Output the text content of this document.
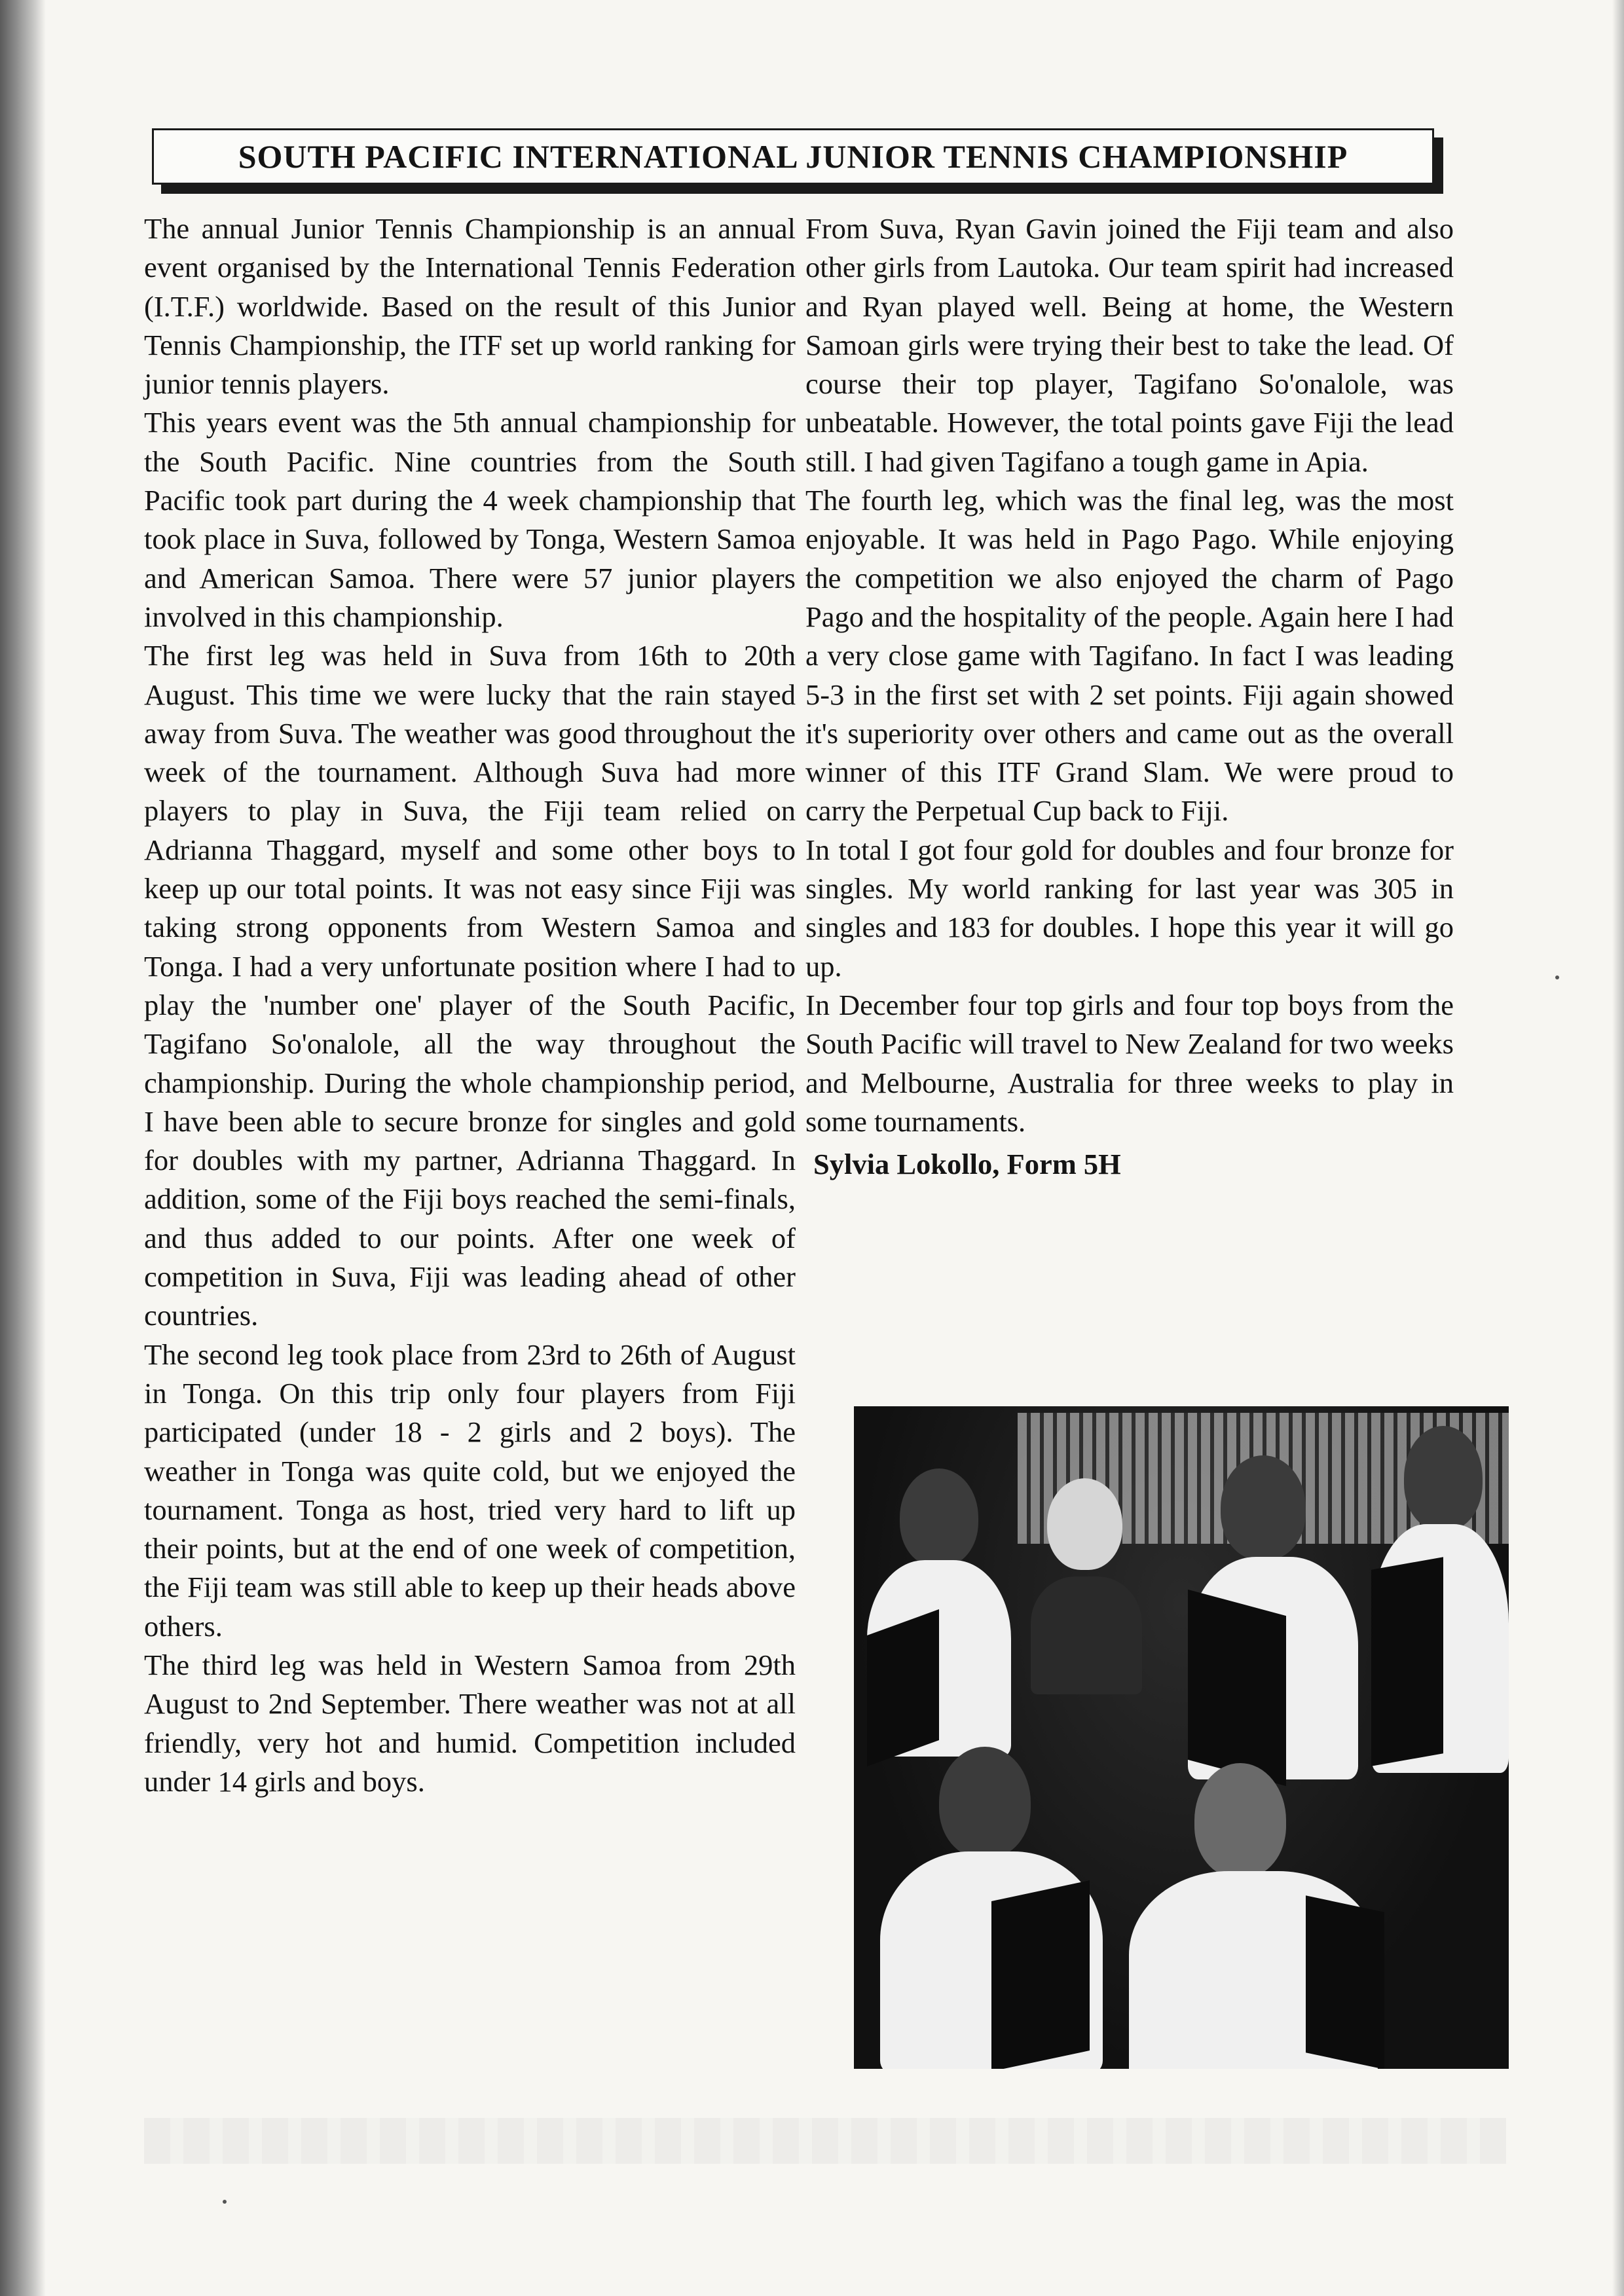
SOUTH PACIFIC INTERNATIONAL JUNIOR TENNIS CHAMPIONSHIP

The annual Junior Tennis Championship is an annual event organised by the International Tennis Federation (I.T.F.) worldwide. Based on the result of this Junior Tennis Championship, the ITF set up world ranking for junior tennis players.

This years event was the 5th annual championship for the South Pacific. Nine countries from the South Pacific took part during the 4 week championship that took place in Suva, followed by Tonga, Western Samoa and American Samoa. There were 57 junior players involved in this championship.

The first leg was held in Suva from 16th to 20th August. This time we were lucky that the rain stayed away from Suva. The weather was good throughout the week of the tournament. Although Suva had more players to play in Suva, the Fiji team relied on Adrianna Thaggard, myself and some other boys to keep up our total points. It was not easy since Fiji was taking strong opponents from Western Samoa and Tonga. I had a very unfortunate position where I had to play the 'number one' player of the South Pacific, Tagifano So'onalole, all the way throughout the championship. During the whole championship period, I have been able to secure bronze for singles and gold for doubles with my partner, Adrianna Thaggard. In addition, some of the Fiji boys reached the semi-finals, and thus added to our points. After one week of competition in Suva, Fiji was leading ahead of other countries.

The second leg took place from 23rd to 26th of August in Tonga. On this trip only four players from Fiji participated (under 18 - 2 girls and 2 boys). The weather in Tonga was quite cold, but we enjoyed the tournament. Tonga as host, tried very hard to lift up their points, but at the end of one week of competition, the Fiji team was still able to keep up their heads above others.

The third leg was held in Western Samoa from 29th August to 2nd September. There weather was not at all friendly, very hot and humid. Competition included under 14 girls and boys.

From Suva, Ryan Gavin joined the Fiji team and also other girls from Lautoka. Our team spirit had increased and Ryan played well. Being at home, the Western Samoan girls were trying their best to take the lead. Of course their top player, Tagifano So'onalole, was unbeatable. However, the total points gave Fiji the lead still. I had given Tagifano a tough game in Apia.

The fourth leg, which was the final leg, was the most enjoyable. It was held in Pago Pago. While enjoying the competition we also enjoyed the charm of Pago Pago and the hospitality of the people. Again here I had a very close game with Tagifano. In fact I was leading 5-3 in the first set with 2 set points. Fiji again showed it's superiority over others and came out as the overall winner of this ITF Grand Slam. We were proud to carry the Perpetual Cup back to Fiji.

In total I got four gold for doubles and four bronze for singles. My world ranking for last year was 305 in singles and 183 for doubles. I hope this year it will go up.

In December four top girls and four top boys from the South Pacific will travel to New Zealand for two weeks and Melbourne, Australia for three weeks to play in some tournaments.

Sylvia Lokollo, Form 5H
